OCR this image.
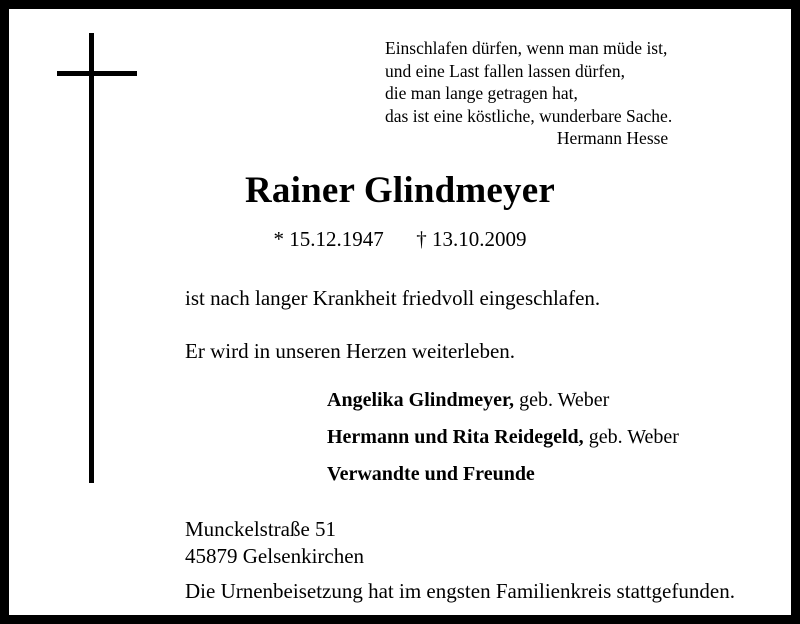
Einschlafen dürfen, wenn man müde ist,
und eine Last fallen lassen dürfen,
die man lange getragen hat,
das ist eine köstliche, wunderbare Sache.
Hermann Hesse
Rainer Glindmeyer
* 15.12.1947 † 13.10.2009
ist nach langer Krankheit friedvoll eingeschlafen.
Er wird in unseren Herzen weiterleben.
Angelika Glindmeyer, geb. Weber
Hermann und Rita Reidegeld, geb. Weber
Verwandte und Freunde
Munckelstraße 51
45879 Gelsenkirchen
Die Urnenbeisetzung hat im engsten Familienkreis stattgefunden.
